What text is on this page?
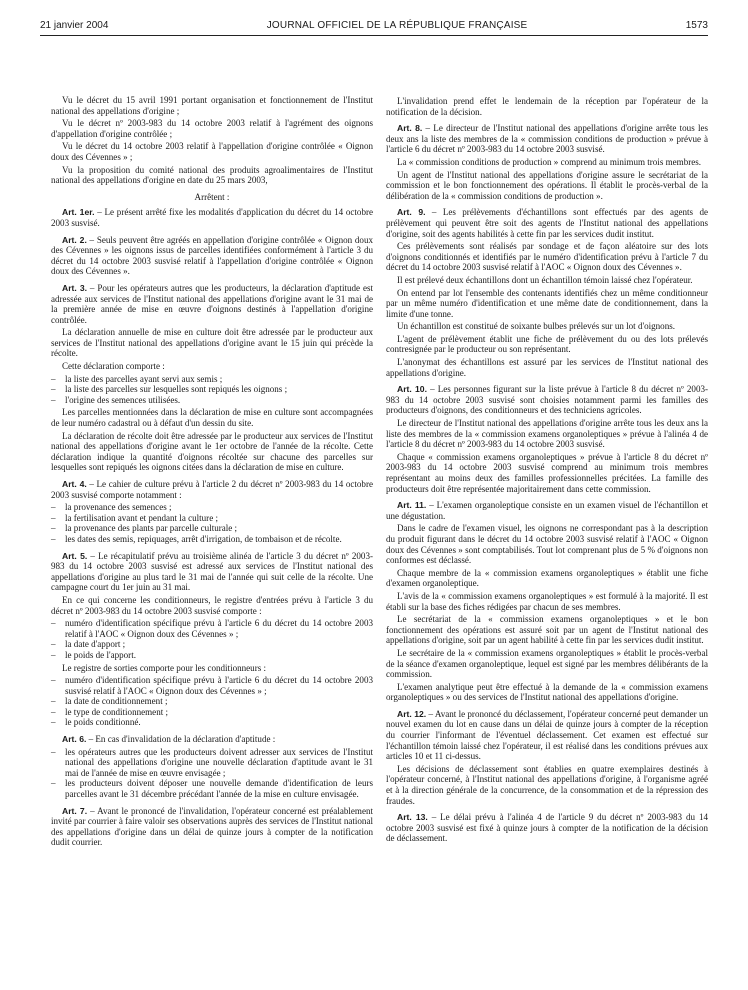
21 janvier 2004	JOURNAL OFFICIEL DE LA RÉPUBLIQUE FRANÇAISE	1573

Vu le décret du 15 avril 1991 portant organisation et fonctionnement de l'Institut national des appellations d'origine ;

Vu le décret nº 2003-983 du 14 octobre 2003 relatif à l'agrément des oignons d'appellation d'origine contrôlée ;

Vu le décret du 14 octobre 2003 relatif à l'appellation d'origine contrôlée « Oignon doux des Cévennes » ;

Vu la proposition du comité national des produits agroalimentaires de l'Institut national des appellations d'origine en date du 25 mars 2003,

Arrêtent :

Art. 1er. – Le présent arrêté fixe les modalités d'application du décret du 14 octobre 2003 susvisé.

Art. 2. – Seuls peuvent être agréés en appellation d'origine contrôlée « Oignon doux des Cévennes » les oignons issus de parcelles identifiées conformément à l'article 3 du décret du 14 octobre 2003 susvisé relatif à l'appellation d'origine contrôlée « Oignon doux des Cévennes ».

Art. 3. – Pour les opérateurs autres que les producteurs, la déclaration d'aptitude est adressée aux services de l'Institut national des appellations d'origine avant le 31 mai de la première année de mise en œuvre d'oignons destinés à l'appellation d'origine contrôlée.

La déclaration annuelle de mise en culture doit être adressée par le producteur aux services de l'Institut national des appellations d'origine avant le 15 juin qui précède la récolte.

Cette déclaration comporte :

– la liste des parcelles ayant servi aux semis ;
– la liste des parcelles sur lesquelles sont repiqués les oignons ;
– l'origine des semences utilisées.

Les parcelles mentionnées dans la déclaration de mise en culture sont accompagnées de leur numéro cadastral ou à défaut d'un dessin du site.

La déclaration de récolte doit être adressée par le producteur aux services de l'Institut national des appellations d'origine avant le 1er octobre de l'année de la récolte. Cette déclaration indique la quantité d'oignons récoltée sur chacune des parcelles sur lesquelles sont repiqués les oignons citées dans la déclaration de mise en culture.

Art. 4. – Le cahier de culture prévu à l'article 2 du décret nº 2003-983 du 14 octobre 2003 susvisé comporte notamment :

– la provenance des semences ;
– la fertilisation avant et pendant la culture ;
– la provenance des plants par parcelle culturale ;
– les dates des semis, repiquages, arrêt d'irrigation, de tombaison et de récolte.

Art. 5. – Le récapitulatif prévu au troisième alinéa de l'article 3 du décret nº 2003-983 du 14 octobre 2003 susvisé est adressé aux services de l'Institut national des appellations d'origine au plus tard le 31 mai de l'année qui suit celle de la récolte. Une campagne court du 1er juin au 31 mai.

En ce qui concerne les conditionneurs, le registre d'entrées prévu à l'article 3 du décret nº 2003-983 du 14 octobre 2003 susvisé comporte :

– numéro d'identification spécifique prévu à l'article 6 du décret du 14 octobre 2003 relatif à l'AOC « Oignon doux des Cévennes » ;
– la date d'apport ;
– le poids de l'apport.

Le registre de sorties comporte pour les conditionneurs :

– numéro d'identification spécifique prévu à l'article 6 du décret du 14 octobre 2003 susvisé relatif à l'AOC « Oignon doux des Cévennes » ;
– la date de conditionnement ;
– le type de conditionnement ;
– le poids conditionné.

Art. 6. – En cas d'invalidation de la déclaration d'aptitude :

– les opérateurs autres que les producteurs doivent adresser aux services de l'Institut national des appellations d'origine une nouvelle déclaration d'aptitude avant le 31 mai de l'année de mise en œuvre envisagée ;
– les producteurs doivent déposer une nouvelle demande d'identification de leurs parcelles avant le 31 décembre précédant l'année de la mise en culture envisagée.

Art. 7. – Avant le prononcé de l'invalidation, l'opérateur concerné est préalablement invité par courrier à faire valoir ses observations auprès des services de l'Institut national des appellations d'origine dans un délai de quinze jours à compter de la notification dudit courrier.

L'invalidation prend effet le lendemain de la réception par l'opérateur de la notification de la décision.

Art. 8. – Le directeur de l'Institut national des appellations d'origine arrête tous les deux ans la liste des membres de la « commission conditions de production » prévue à l'article 6 du décret nº 2003-983 du 14 octobre 2003 susvisé.

La « commission conditions de production » comprend au minimum trois membres.

Un agent de l'Institut national des appellations d'origine assure le secrétariat de la commission et le bon fonctionnement des opérations. Il établit le procès-verbal de la délibération de la « commission conditions de production ».

Art. 9. – Les prélèvements d'échantillons sont effectués par des agents de prélèvement qui peuvent être soit des agents de l'Institut national des appellations d'origine, soit des agents habilités à cette fin par les services dudit institut.

Ces prélèvements sont réalisés par sondage et de façon aléatoire sur des lots d'oignons conditionnés et identifiés par le numéro d'identification prévu à l'article 7 du décret du 14 octobre 2003 susvisé relatif à l'AOC « Oignon doux des Cévennes ».

Il est prélevé deux échantillons dont un échantillon témoin laissé chez l'opérateur.

On entend par lot l'ensemble des contenants identifiés chez un même conditionneur par un même numéro d'identification et une même date de conditionnement, dans la limite d'une tonne.

Un échantillon est constitué de soixante bulbes prélevés sur un lot d'oignons.

L'agent de prélèvement établit une fiche de prélèvement du ou des lots prélevés contresignée par le producteur ou son représentant.

L'anonymat des échantillons est assuré par les services de l'Institut national des appellations d'origine.

Art. 10. – Les personnes figurant sur la liste prévue à l'article 8 du décret nº 2003-983 du 14 octobre 2003 susvisé sont choisies notamment parmi les familles des producteurs d'oignons, des conditionneurs et des techniciens agricoles.

Le directeur de l'Institut national des appellations d'origine arrête tous les deux ans la liste des membres de la « commission examens organoleptiques » prévue à l'alinéa 4 de l'article 8 du décret nº 2003-983 du 14 octobre 2003 susvisé.

Chaque « commission examens organoleptiques » prévue à l'article 8 du décret nº 2003-983 du 14 octobre 2003 susvisé comprend au minimum trois membres représentant au moins deux des familles professionnelles précitées. La famille des producteurs doit être représentée majoritairement dans cette commission.

Art. 11. – L'examen organoleptique consiste en un examen visuel de l'échantillon et une dégustation.

Dans le cadre de l'examen visuel, les oignons ne correspondant pas à la description du produit figurant dans le décret du 14 octobre 2003 susvisé relatif à l'AOC « Oignon doux des Cévennes » sont comptabilisés. Tout lot comprenant plus de 5 % d'oignons non conformes est déclassé.

Chaque membre de la « commission examens organoleptiques » établit une fiche d'examen organoleptique.

L'avis de la « commission examens organoleptiques » est formulé à la majorité. Il est établi sur la base des fiches rédigées par chacun de ses membres.

Le secrétariat de la « commission examens organoleptiques » et le bon fonctionnement des opérations est assuré soit par un agent de l'Institut national des appellations d'origine, soit par un agent habilité à cette fin par les services dudit institut.

Le secrétaire de la « commission examens organoleptiques » établit le procès-verbal de la séance d'examen organoleptique, lequel est signé par les membres délibérants de la commission.

L'examen analytique peut être effectué à la demande de la « commission examens organoleptiques » ou des services de l'Institut national des appellations d'origine.

Art. 12. – Avant le prononcé du déclassement, l'opérateur concerné peut demander un nouvel examen du lot en cause dans un délai de quinze jours à compter de la réception du courrier l'informant de l'éventuel déclassement. Cet examen est effectué sur l'échantillon témoin laissé chez l'opérateur, il est réalisé dans les conditions prévues aux articles 10 et 11 ci-dessus.

Les décisions de déclassement sont établies en quatre exemplaires destinés à l'opérateur concerné, à l'Institut national des appellations d'origine, à l'organisme agréé et à la direction générale de la concurrence, de la consommation et de la répression des fraudes.

Art. 13. – Le délai prévu à l'alinéa 4 de l'article 9 du décret nº 2003-983 du 14 octobre 2003 susvisé est fixé à quinze jours à compter de la notification de la décision de déclassement.
